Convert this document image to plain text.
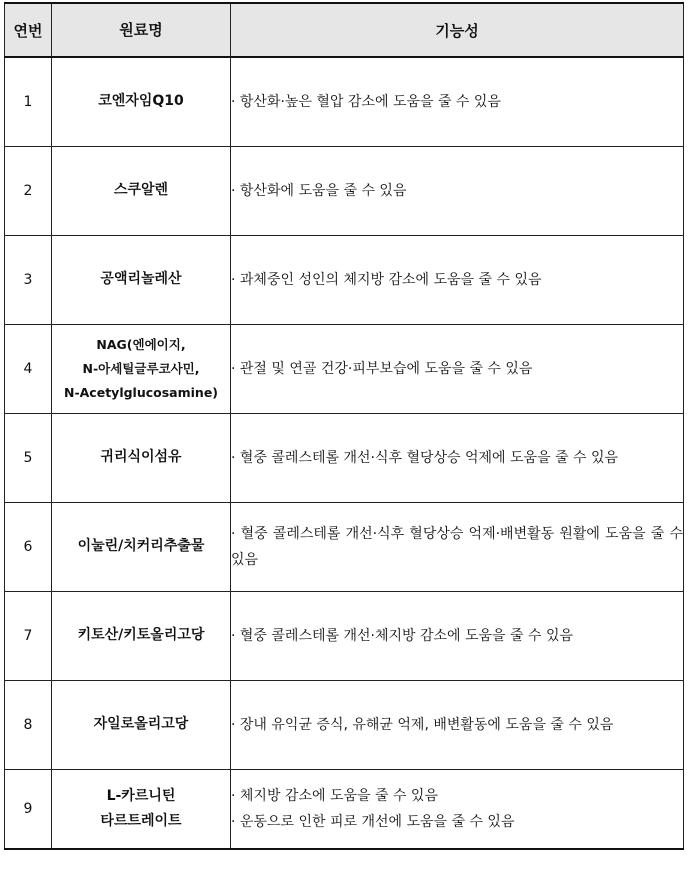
연번	원료명	기능성
1	코엔자임Q10	· 항산화·높은 혈압 감소에 도움을 줄 수 있음

2	스쿠알렌	· 항산화에 도움을 줄 수 있음

3	공액리놀레산	· 과체중인 성인의 체지방 감소에 도움을 줄 수 있음

4	NAG(엔에이지,
N-아세틸글루코사민,
N-Acetylglucosamine)	· 관절 및 연골 건강·피부보습에 도움을 줄 수 있음

5	귀리식이섬유	· 혈중 콜레스테롤 개선·식후 혈당상승 억제에 도움을 줄 수 있음

6	이눌린/치커리추출물	· 혈중 콜레스테롤 개선·식후 혈당상승 억제·배변활동 원활에 도움을 줄 수 있음

7	키토산/키토올리고당	· 혈중 콜레스테롤 개선·체지방 감소에 도움을 줄 수 있음

8	자일로올리고당	· 장내 유익균 증식, 유해균 억제, 배변활동에 도움을 줄 수 있음

9	L-카르니틴
타르트레이트	· 체지방 감소에 도움을 줄 수 있음
· 운동으로 인한 피로 개선에 도움을 줄 수 있음
